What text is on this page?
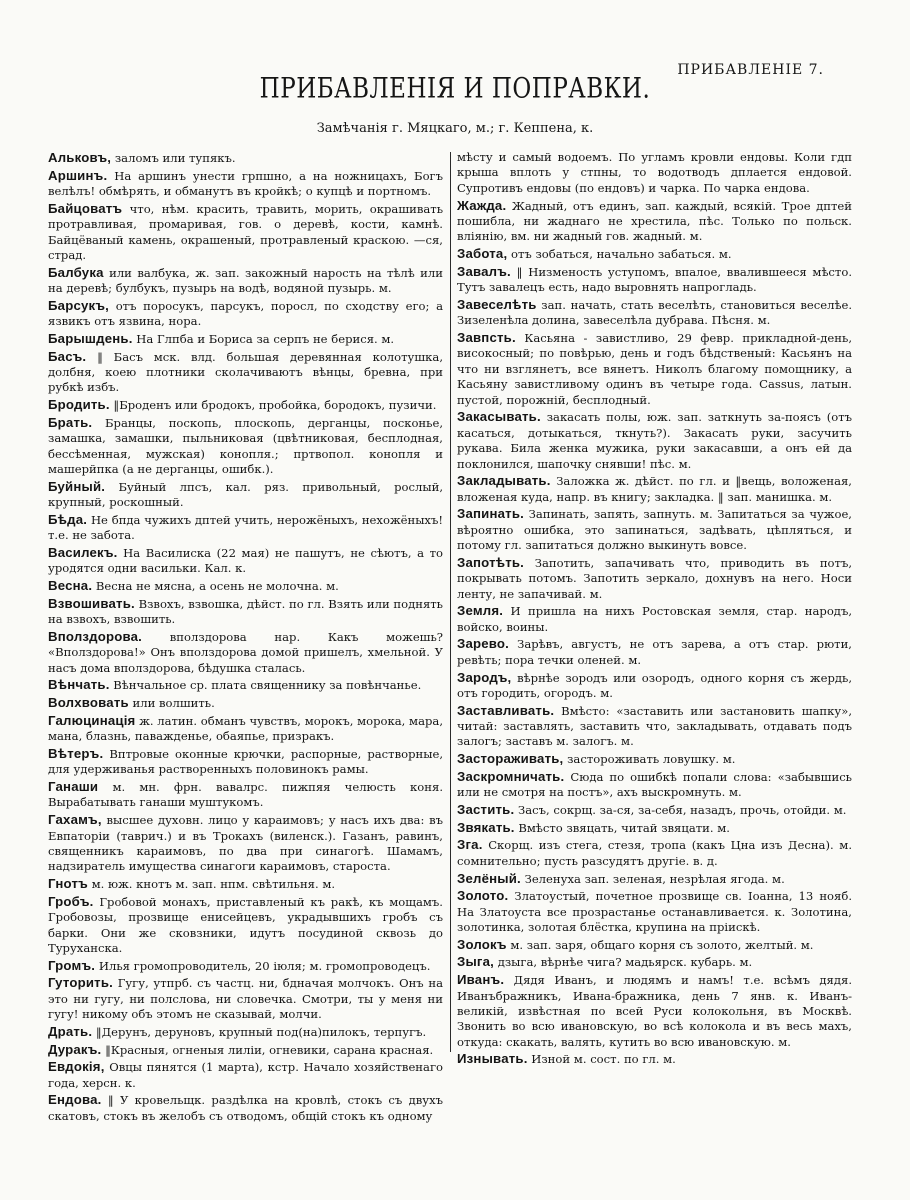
ПРИБАВЛЕНIЕ 7.
ПРИБАВЛЕНIЯ И ПОПРАВКИ.
Замѣчанiя г. Мяцкаго, м.; г. Кеппена, к.

Альковъ, заломъ или тупякъ.

Аршинъ. На аршинъ унести грпшно, а на ножницахъ, Богъ велѣлъ! обмѣрять, и обманутъ въ кройкѣ; о купцѣ и портномъ.

Байцоватъ что, нѣм. красить, травить, морить, окрашивать протравливая, промаривая, гов. о деревѣ, кости, камнѣ. Байцёваный камень, окрашеный, протравленый краскою. —ся, страд.

Балбука или валбука, ж. зап. закожный нарость на тѣлѣ или на деревѣ; булбукъ, пузырь на водѣ, водяной пузырь. м.

Барсукъ, отъ поросукъ, парсукъ, поросл, по сходству его; а язвикъ отъ язвина, нора.

Барышдень. На Глпба и Бориса за серпъ не берися. м.

Басъ. ‖ Басъ мск. влд. большая деревянная колотушка, долбня, коею плотники сколачиваютъ вѣнцы, бревна, при рубкѣ избъ.

Бродить. ‖Броденъ или бродокъ, пробойка, бородокъ, пузичи.

Брать. Бранцы, поскопь, плоскопь, дерганцы, посконье, замашка, замашки, пыльниковая (цвѣтниковая, бесплодная, бессѣменная, мужская) конопля.; пртвопол. конопля и машерйпка (а не дерганцы, ошибк.).

Буйный. Буйный лпсъ, кал. ряз. привольный, рослый, крупный, роскошный.

Бѣда. Не бпда чужихъ дптей учить, нерожёныхъ, нехожёныхъ! т.е. не забота.

Василекъ. На Василиска (22 мая) не пашутъ, не сѣютъ, а то уродятся одни васильки. Кал. к.

Весна. Весна не мясна, а осень не молочна. м.

Взвошивать. Взвохъ, взвошка, дѣйст. по гл. Взять или поднять на взвохъ, взвошить.

Вполздорова. вполздорова нар. Какъ можешь? «Вполздорова!» Онъ вполздорова домой пришелъ, хмельной. У насъ дома вполздорова, бѣдушка сталась.

Вѣнчать. Вѣнчальное ср. плата священнику за повѣнчанье.

Волхвовать или волшить.

Галюцинацiя ж. латин. обманъ чувствъ, морокъ, морока, мара, мана, блазнь, паважденье, обаяпье, призракъ.

Вѣтеръ. Вптровые оконные крючки, распорные, растворные, для удерживанья растворенныхъ половинокъ рамы.

Ганаши м. мн. фрн. вавалрс. пижпяя челюсть коня. Вырабатывать ганаши муштукомъ.

Гахамъ, высшее духовн. лицо у караимовъ; у насъ ихъ два: въ Евпаторiи (таврич.) и въ Трокахъ (виленск.). Газанъ, равинъ, священникъ караимовъ, по два при синагогѣ. Шамамъ, надзиратель имущества синагоги караимовъ, староста.

Гнотъ м. юж. кнотъ м. зап. нпм. свѣтильня. м.

Гробъ. Гробовой монахъ, приставленый къ ракѣ, къ мощамъ. Гробовозы, прозвище енисейцевъ, украдывшихъ гробъ съ барки. Они же сковзники, идутъ посудиной сквозь до Туруханска.

Громъ. Илья громопроводитель, 20 iюля; м. громопроводецъ.

Гуторить. Гугу, утпрб. съ частц. ни, бдначая молчокъ. Онъ на это ни гугу, ни полслова, ни словечка. Смотри, ты у меня ни гугу! никому объ этомъ не сказывай, молчи.

Драть. ‖Дерунъ, деруновъ, крупный под(на)пилокъ, терпугъ.

Дуракъ. ‖Красныя, огненыя лилiи, огневики, сарана красная.

Евдокiя, Овцы пянятся (1 марта), кстр. Начало хозяйственаго года, херсн. к.

Ендова. ‖ У кровельщк. раздѣлка на кровлѣ, стокъ съ двухъ скатовъ, стокъ въ желобъ съ отводомъ, общiй стокъ къ одному

мѣсту и самый водоемъ. По угламъ кровли ендовы. Коли гдп крыша вплоть у стпны, то водотводъ дплается ендовой. Супротивъ ендовы (по ендовъ) и чарка. По чарка ендова.

Жажда. Жадный, отъ единъ, зап. каждый, всякiй. Трое дптей пошибла, ни жаднаго не хрестила, пѣс. Только по польск. влiянiю, вм. ни жадный гов. жадный. м.

Забота, отъ зобаться, начально забаться. м.

Завалъ. ‖ Низменость уступомъ, впалое, ввалившееся мѣсто. Тутъ завалецъ есть, надо выровнять напрогладь.

Завеселѣть зап. начать, стать веселѣть, становиться веселѣе. Зизеленѣла долина, завеселѣла дубрава. Пѣсня. м.

Завпсть. Касьяна - завистливо, 29 февр. прикладной-день, високосный; по повѣрью, день и годъ бѣдственый: Касьянъ на что ни взглянетъ, все вянетъ. Николъ благому помощнику, а Касьяну завистливому одинъ въ четыре года. Cassus, латын. пустой, порожнiй, бесплодный.

Закасывать. закасать полы, юж. зап. заткнуть за-поясъ (отъ касаться, дотыкаться, ткнуть?). Закасать руки, засучить рукава. Била женка мужика, руки закасавши, а онъ ей да поклонился, шапочку снявши! пѣс. м.

Закладывать. Заложка ж. дѣйст. по гл. и ‖вещь, воложеная, вложеная куда, напр. въ книгу; закладка. ‖ зап. манишка. м.

Запинать. Запинать, запять, запнуть. м. Запитаться за чужое, вѣроятно ошибка, это запинаться, задѣвать, цѣпляться, и потому гл. запитаться должно выкинуть вовсе.

Запотѣть. Запотить, запачивать что, приводить въ потъ, покрывать потомъ. Запотить зеркало, дохнувъ на него. Носи ленту, не запачивай. м.

Земля. И пришла на нихъ Ростовская земля, стар. народъ, войско, воины.

Зарево. Зарѣвъ, августъ, не отъ зарева, а отъ стар. рюти, ревѣть; пора течки оленей. м.

Зародъ, вѣрнѣе зородъ или озородъ, одного корня съ жердь, отъ городить, огородъ. м.

Заставливать. Вмѣсто: «заставить или застановить шапку», читай: заставлять, заставить что, закладывать, отдавать подъ залогъ; заставъ м. залогъ. м.

Застораживать, застороживать ловушку. м.

Заскромничать. Сюда по ошибкѣ попали слова: «забывшись или не смотря на постъ», ахъ выскромнуть. м.

Застить. Засъ, сокрщ. за-ся, за-себя, назадъ, прочь, отойди. м.

Звякать. Вмѣсто звяцать, читай звяцати. м.

Зга. Скорщ. изъ стега, стезя, тропа (какъ Цна изъ Десна). м. сомнительно; пусть разсудятъ другiе. в. д.

Зелёный. Зеленуха зап. зеленая, незрѣлая ягода. м.

Золото. Златоустый, почетное прозвище св. Iоанна, 13 нояб. На Златоуста все прозрастанье останавливается. к. Золотина, золотинка, золотая блёстка, крупина на прiискѣ.

Золокъ м. зап. заря, общаго корня съ золото, желтый. м.

Зыга, дзыга, вѣрнѣе чига? мадьярск. кубарь. м.

Иванъ. Дядя Иванъ, и людямъ и намъ! т.е. всѣмъ дядя. Иванъбражникъ, Ивана-бражника, день 7 янв. к. Иванъ-великiй, извѣстная по всей Руси колокольня, въ Москвѣ. Звонить во всю ивановскую, во всѣ колокола и въ весь махъ, откуда: скакать, валять, кутить во всю ивановскую. м.

Изнывать. Изной м. сост. по гл. м.
